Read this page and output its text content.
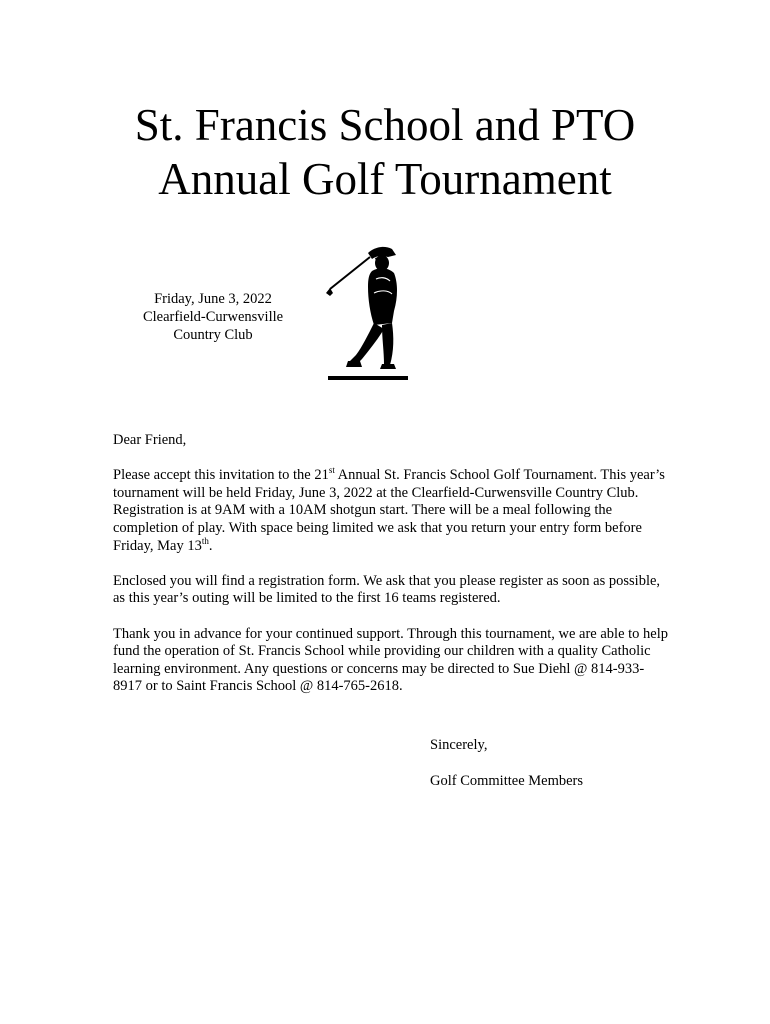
St. Francis School and PTO
Annual Golf Tournament
Friday, June 3, 2022
Clearfield-Curwensville
Country Club

Dear Friend,

Please accept this invitation to the 21st Annual St. Francis School Golf Tournament. This year’s tournament will be held Friday, June 3, 2022 at the Clearfield-Curwensville Country Club. Registration is at 9AM with a 10AM shotgun start. There will be a meal following the completion of play. With space being limited we ask that you return your entry form before Friday, May 13th.

Enclosed you will find a registration form. We ask that you please register as soon as possible, as this year’s outing will be limited to the first 16 teams registered.

Thank you in advance for your continued support. Through this tournament, we are able to help fund the operation of St. Francis School while providing our children with a quality Catholic learning environment. Any questions or concerns may be directed to Sue Diehl @ 814-933-8917 or to Saint Francis School @ 814-765-2618.

Sincerely,

Golf Committee Members
